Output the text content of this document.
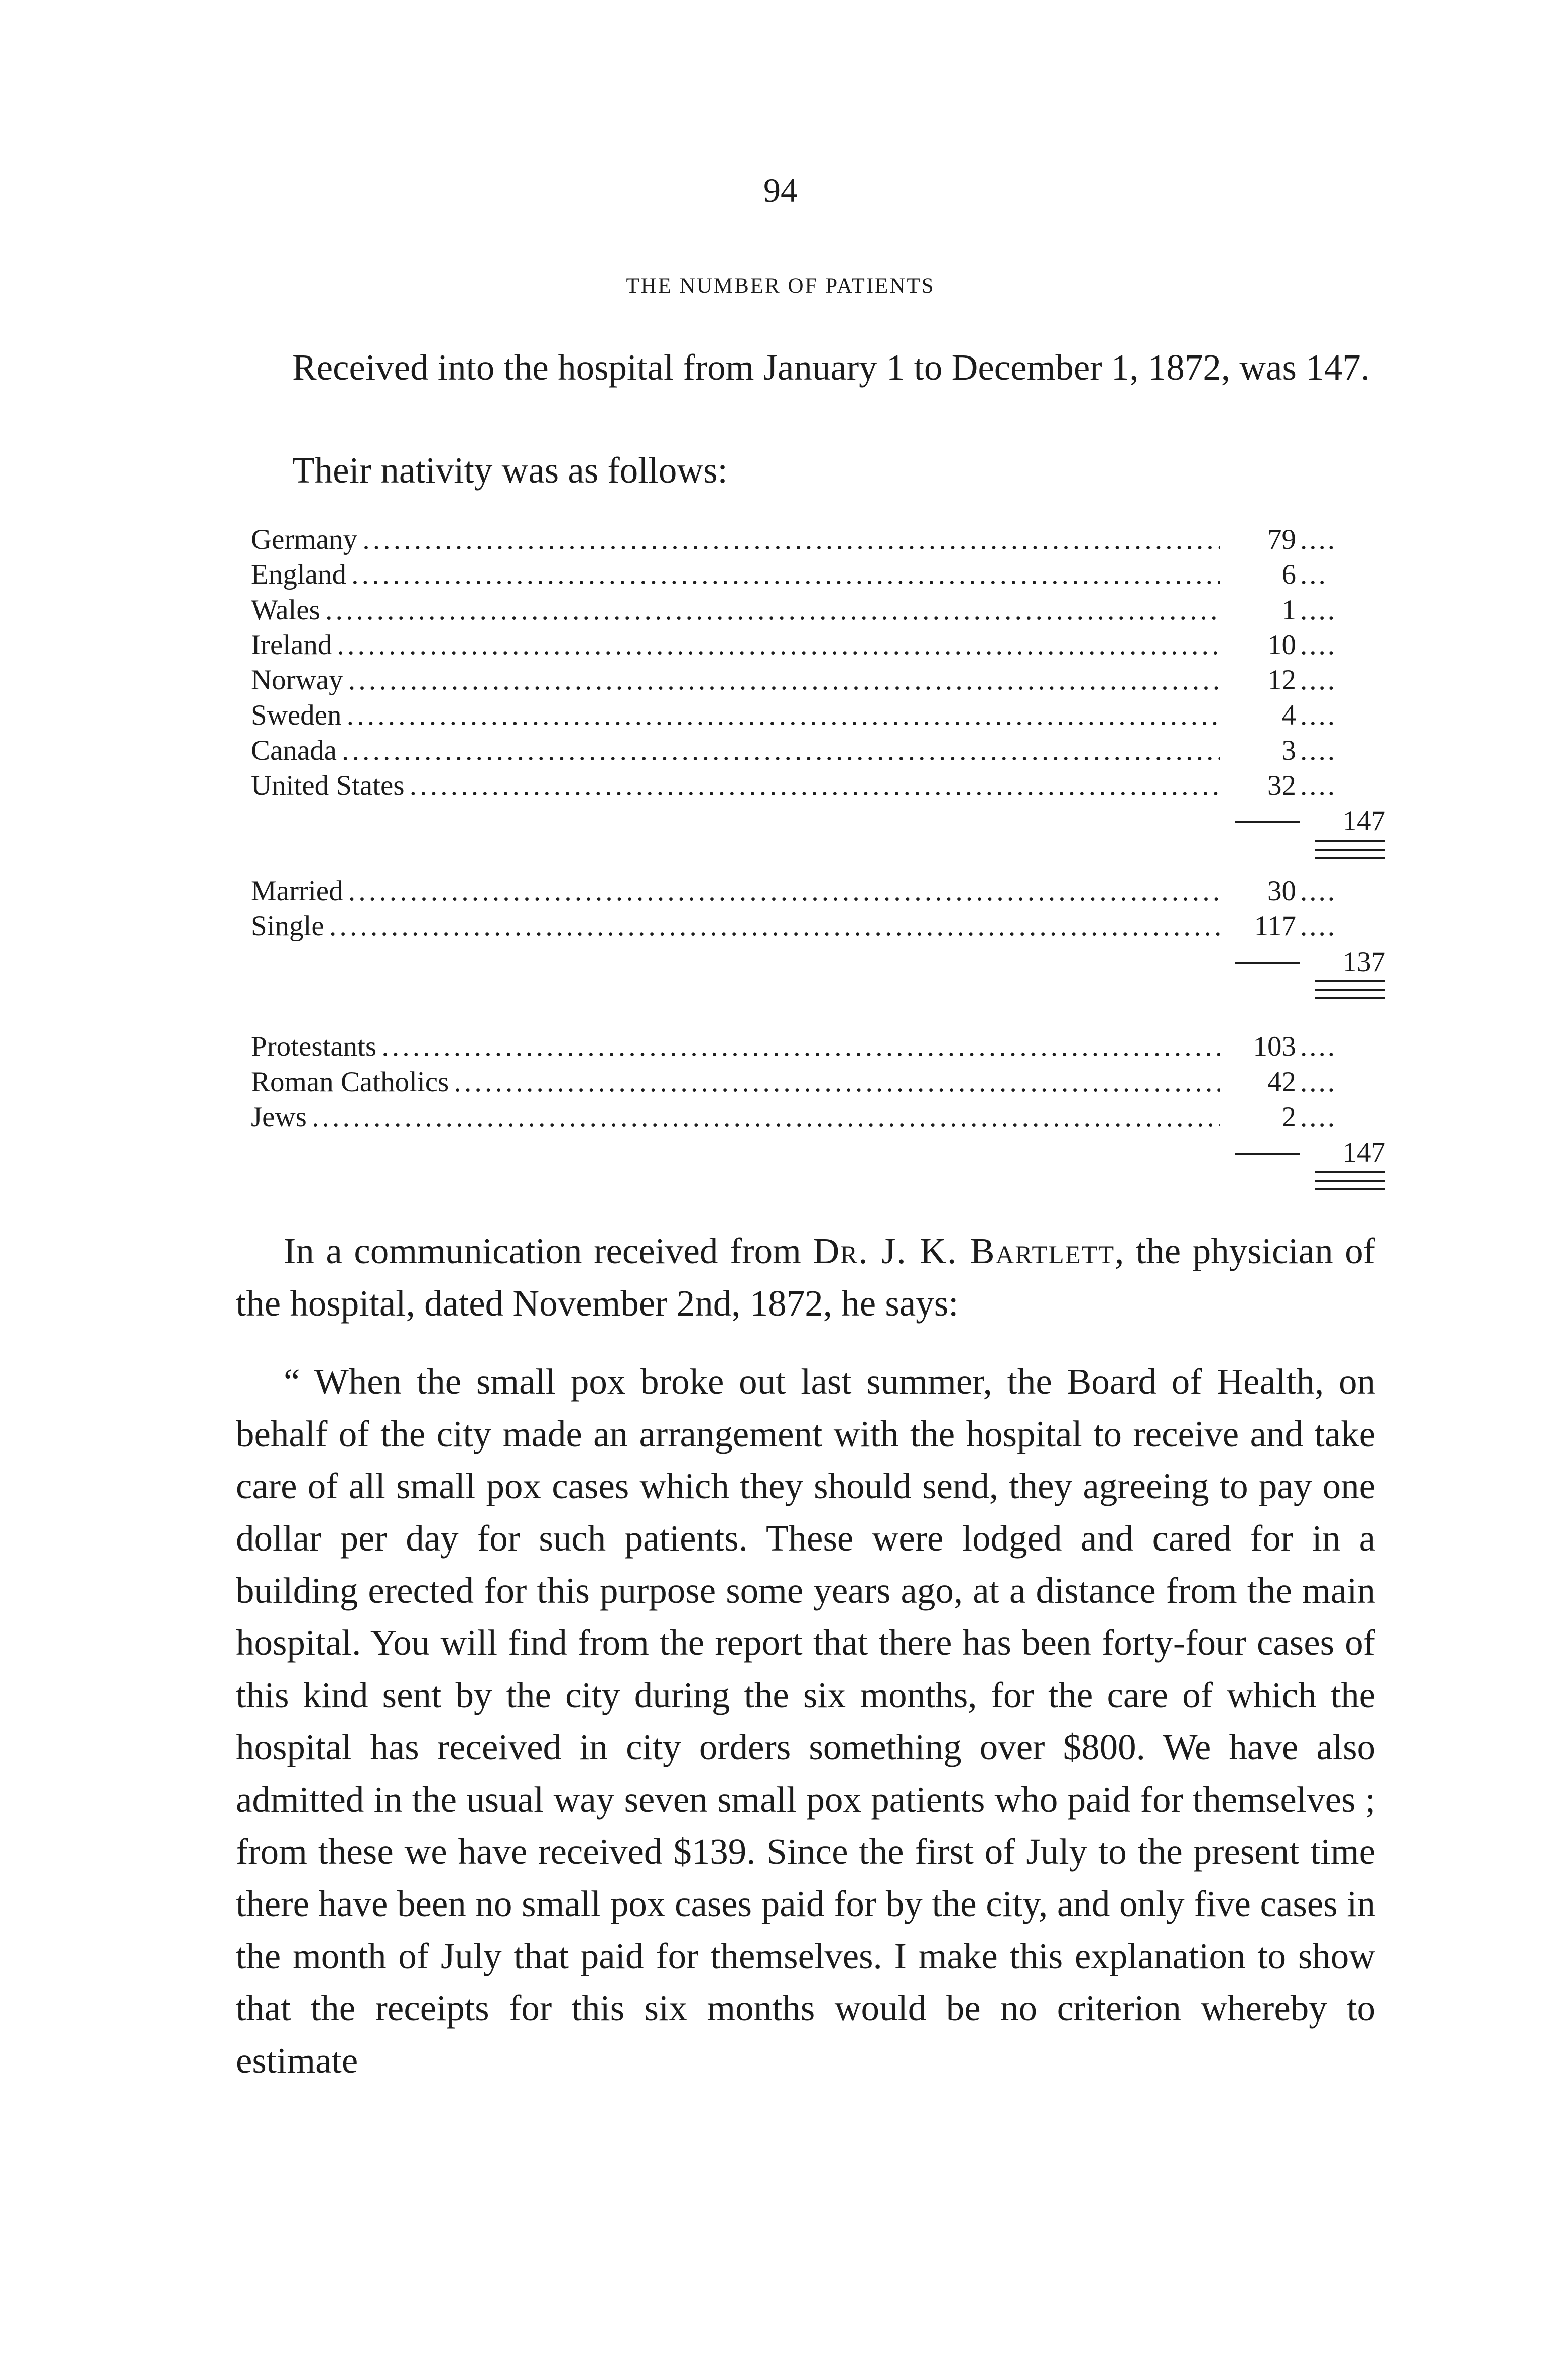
94
THE NUMBER OF PATIENTS

Received into the hospital from January 1 to December 1, 1872, was 147.

Their nativity was as follows:

Germany . . .	79 ....
England . . .	6 ...
Wales . . .	1 ....
Ireland . . .	10 ....
Norway . . .	12 ....
Sweden . . .	4 ....
Canada . . .	3 ....
United States . . .	32 ....
147
Married . . .	30 ....
Single . . .	117 ....
137
Protestants . . .	103 ....
Roman Catholics . . .	42 ....
Jews . . .	2 ....
147

In a communication received from Dr. J. K. Bartlett, the physician of the hospital, dated November 2nd, 1872, he says:

“ When the small pox broke out last summer, the Board of Health, on behalf of the city made an arrangement with the hospital to receive and take care of all small pox cases which they should send, they agreeing to pay one dollar per day for such patients. These were lodged and cared for in a building erected for this purpose some years ago, at a distance from the main hospital. You will find from the report that there has been forty-four cases of this kind sent by the city during the six months, for the care of which the hospital has received in city orders something over $800. We have also admitted in the usual way seven small pox patients who paid for themselves ; from these we have received $139. Since the first of July to the present time there have been no small pox cases paid for by the city, and only five cases in the month of July that paid for themselves. I make this explanation to show that the receipts for this six months would be no criterion whereby to estimate
